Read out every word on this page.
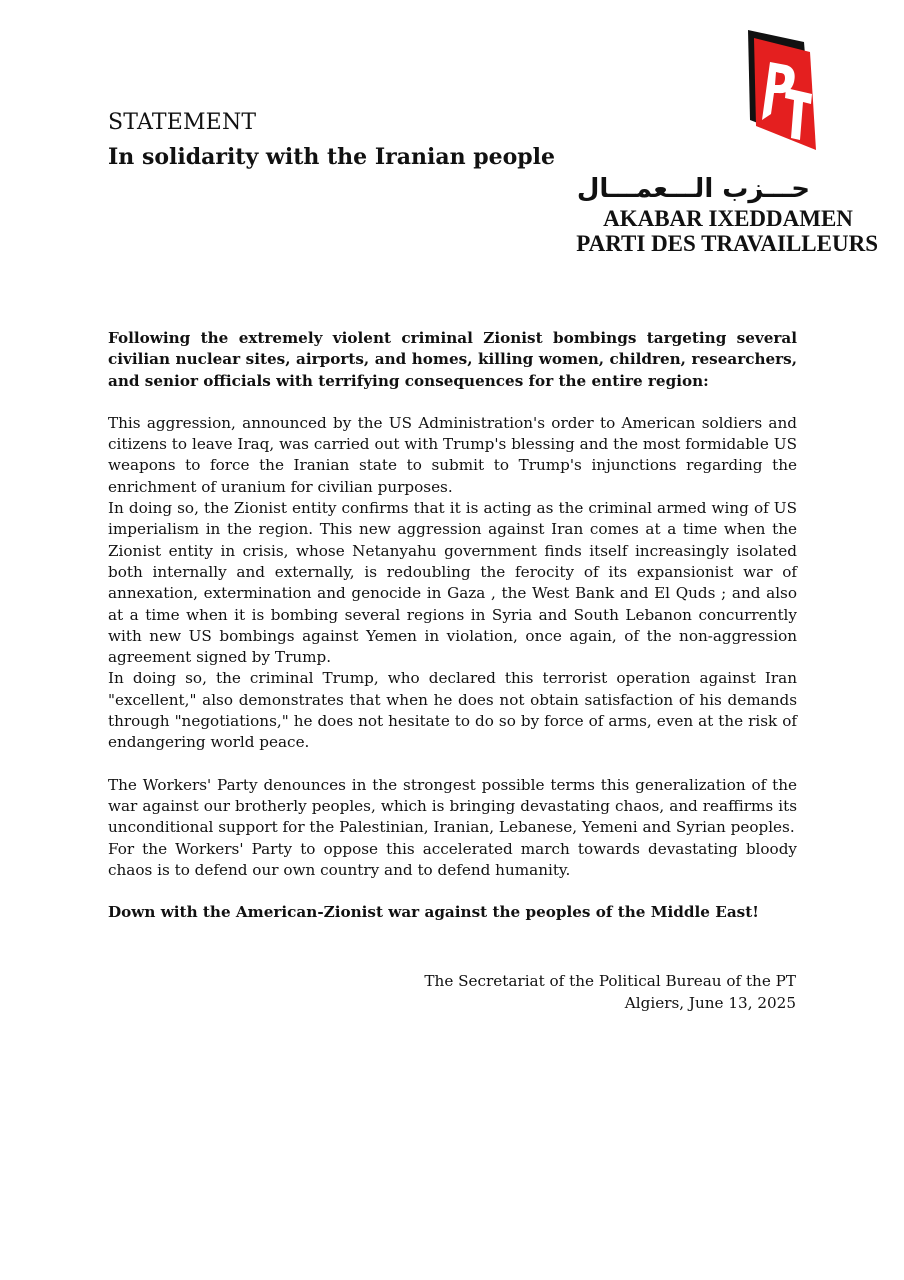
STATEMENT

In solidarity with the Iranian people

حـــزب الـــعمـــال

AKABAR IXEDDAMEN

PARTI DES TRAVAILLEURS

Following the extremely violent criminal Zionist bombings targeting several civilian nuclear sites, airports, and homes, killing women, children, researchers, and senior officials with terrifying consequences for the entire region:

This aggression, announced by the US Administration's order to American soldiers and citizens to leave Iraq, was carried out with Trump's blessing and the most formidable US weapons to force the Iranian state to submit to Trump's injunctions regarding the enrichment of uranium for civilian purposes.

In doing so, the Zionist entity confirms that it is acting as the criminal armed wing of US imperialism in the region. This new aggression against Iran comes at a time when the Zionist entity in crisis, whose Netanyahu government finds itself increasingly isolated both internally and externally, is redoubling the ferocity of its expansionist war of annexation, extermination and genocide in Gaza , the West Bank and El Quds ; and also at a time when it is bombing several regions in Syria and South Lebanon concurrently with new US bombings against Yemen in violation, once again, of the non-aggression agreement signed by Trump.

In doing so, the criminal Trump, who declared this terrorist operation against Iran "excellent," also demonstrates that when he does not obtain satisfaction of his demands through "negotiations," he does not hesitate to do so by force of arms, even at the risk of endangering world peace.

The Workers' Party denounces in the strongest possible terms this generalization of the war against our brotherly peoples, which is bringing devastating chaos, and reaffirms its unconditional support for the Palestinian, Iranian, Lebanese, Yemeni and Syrian peoples.

For the Workers' Party to oppose this accelerated march towards devastating bloody chaos is to defend our own country and to defend humanity.

Down with the American-Zionist war against the peoples of the Middle East!

The Secretariat of the Political Bureau of the PT
Algiers, June 13, 2025
